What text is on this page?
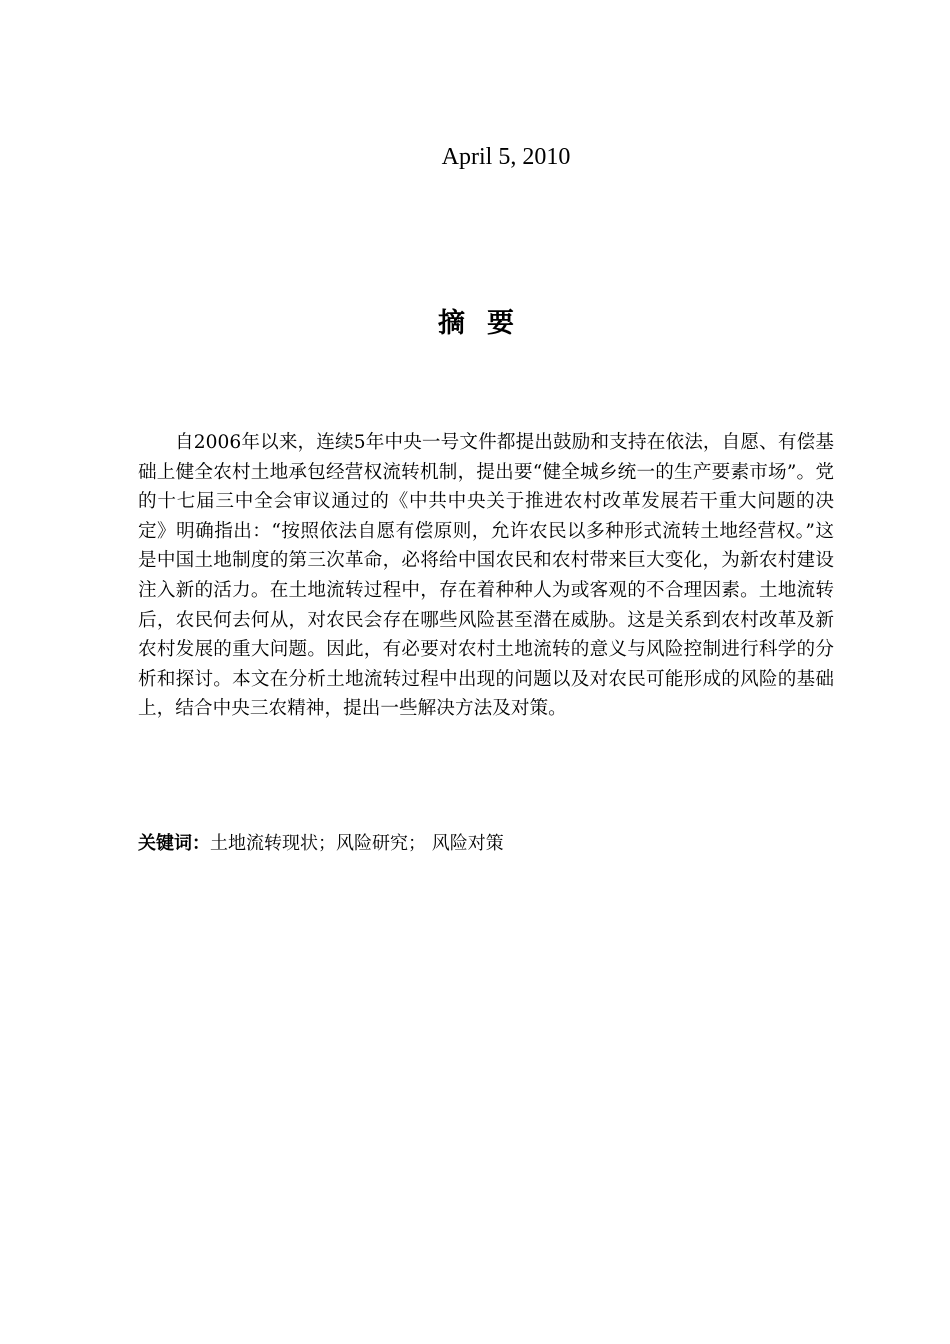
April 5, 2010
摘要

自2006年以来，连续5年中央一号文件都提出鼓励和支持在依法，自愿、有偿基础上健全农村土地承包经营权流转机制，提出要“健全城乡统一的生产要素市场”。党的十七届三中全会审议通过的《中共中央关于推进农村改革发展若干重大问题的决定》明确指出：“按照依法自愿有偿原则，允许农民以多种形式流转土地经营权。”这是中国土地制度的第三次革命，必将给中国农民和农村带来巨大变化，为新农村建设注入新的活力。在土地流转过程中，存在着种种人为或客观的不合理因素。土地流转后，农民何去何从，对农民会存在哪些风险甚至潜在威胁。这是关系到农村改革及新农村发展的重大问题。因此，有必要对农村土地流转的意义与风险控制进行科学的分析和探讨。本文在分析土地流转过程中出现的问题以及对农民可能形成的风险的基础上，结合中央三农精神，提出一些解决方法及对策。

关键词：土地流转现状；风险研究； 风险对策
